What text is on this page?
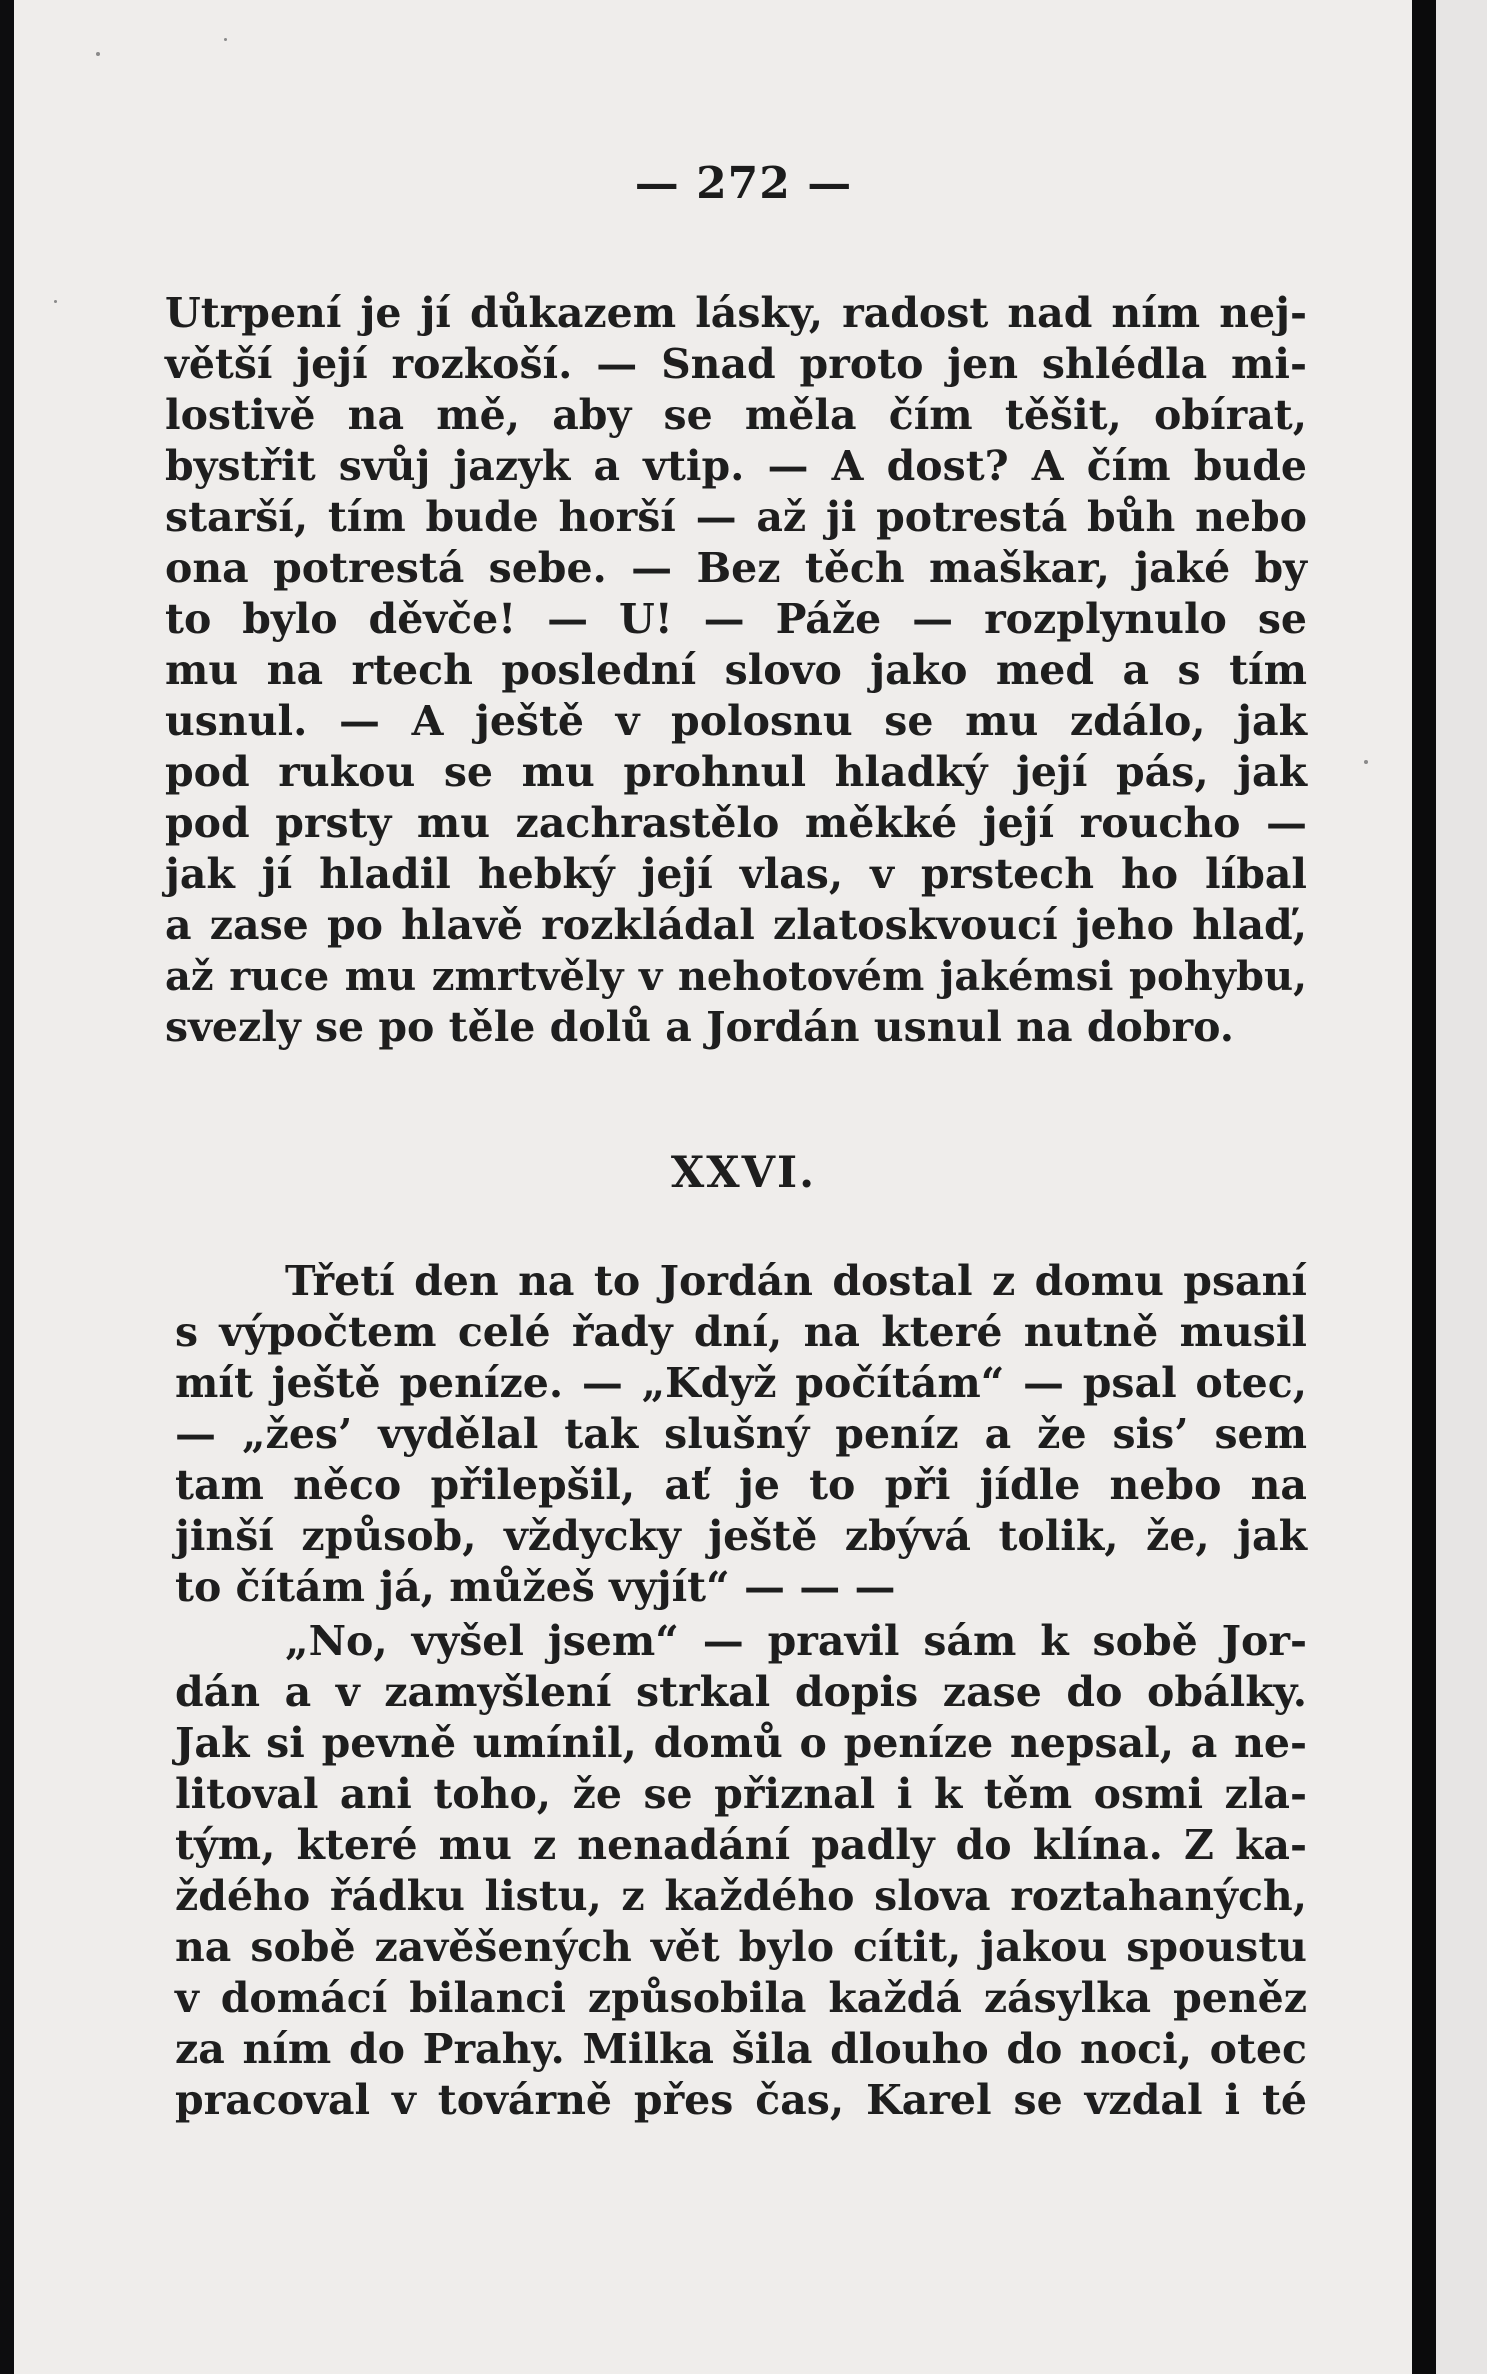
— 272 —

Utrpení je jí důkazem lásky, radost nad ním nej-
větší její rozkoší. — Snad proto jen shlédla mi-
lostivě na mě, aby se měla čím těšit, obírat,
bystřit svůj jazyk a vtip. — A dost? A čím bude
starší, tím bude horší — až ji potrestá bůh nebo
ona potrestá sebe. — Bez těch maškar, jaké by
to bylo děvče! — U! — Páže — rozplynulo se
mu na rtech poslední slovo jako med a s tím
usnul. — A ještě v polosnu se mu zdálo, jak
pod rukou se mu prohnul hladký její pás, jak
pod prsty mu zachrastělo měkké její roucho —
jak jí hladil hebký její vlas, v prstech ho líbal
a zase po hlavě rozkládal zlatoskvoucí jeho hlaď,
až ruce mu zmrtvěly v nehotovém jakémsi pohybu,
svezly se po těle dolů a Jordán usnul na dobro.

XXVI.

Třetí den na to Jordán dostal z domu psaní
s výpočtem celé řady dní, na které nutně musil
mít ještě peníze. — „Když počítám“ — psal otec,
— „žes’ vydělal tak slušný peníz a že sis’ sem
tam něco přilepšil, ať je to při jídle nebo na
jinší způsob, vždycky ještě zbývá tolik, že, jak
to čítám já, můžeš vyjít“ — — —

„No, vyšel jsem“ — pravil sám k sobě Jor-
dán a v zamyšlení strkal dopis zase do obálky.
Jak si pevně umínil, domů o peníze nepsal, a ne-
litoval ani toho, že se přiznal i k těm osmi zla-
tým, které mu z nenadání padly do klína. Z ka-
ždého řádku listu, z každého slova roztahaných,
na sobě zavěšených vět bylo cítit, jakou spoustu
v domácí bilanci způsobila každá zásylka peněz
za ním do Prahy. Milka šila dlouho do noci, otec
pracoval v továrně přes čas, Karel se vzdal i té
